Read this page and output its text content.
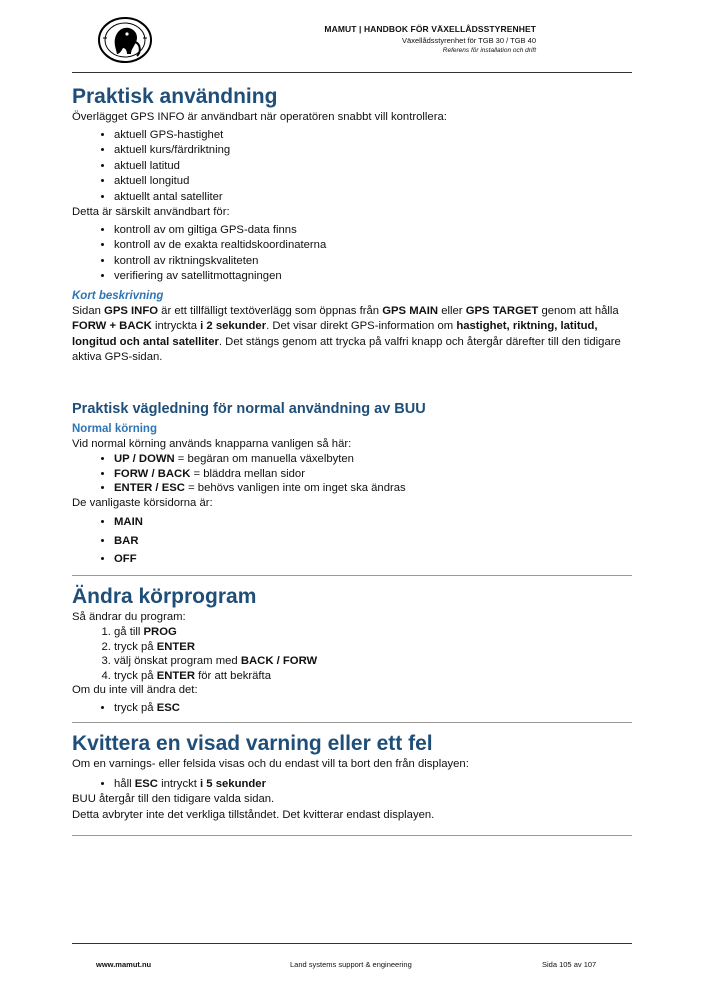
MAMUT | HANDBOK FÖR VÄXELLÅDSSTYRENHET
Växellådsstyrenhet för TGB 30 / TGB 40
Referens för installation och drift
Praktisk användning

Överlägget GPS INFO är användbart när operatören snabbt vill kontrollera:

• aktuell GPS-hastighet
• aktuell kurs/färdriktning
• aktuell latitud
• aktuell longitud
• aktuellt antal satelliter

Detta är särskilt användbart för:

• kontroll av om giltiga GPS-data finns
• kontroll av de exakta realtidskoordinaterna
• kontroll av riktningskvaliteten
• verifiering av satellitmottagningen
Kort beskrivning

Sidan GPS INFO är ett tillfälligt textöverlägg som öppnas från GPS MAIN eller GPS TARGET genom att hålla FORW + BACK intryckta i 2 sekunder. Det visar direkt GPS-information om hastighet, riktning, latitud, longitud och antal satelliter. Det stängs genom att trycka på valfri knapp och återgår därefter till den tidigare aktiva GPS-sidan.

Praktisk vägledning för normal användning av BUU
Normal körning

Vid normal körning används knapparna vanligen så här:

• UP / DOWN = begäran om manuella växelbyten
• FORW / BACK = bläddra mellan sidor
• ENTER / ESC = behövs vanligen inte om inget ska ändras

De vanligaste körsidorna är:

• MAIN
• BAR
• OFF
Ändra körprogram

Så ändrar du program:

1. gå till PROG
2. tryck på ENTER
3. välj önskat program med BACK / FORW
4. tryck på ENTER för att bekräfta

Om du inte vill ändra det:

• tryck på ESC
Kvittera en visad varning eller ett fel

Om en varnings- eller felsida visas och du endast vill ta bort den från displayen:

• håll ESC intryckt i 5 sekunder

BUU återgår till den tidigare valda sidan.

Detta avbryter inte det verkliga tillståndet. Det kvitterar endast displayen.

www.mamut.nu	Land systems support & engineering	Sida 105 av 107
